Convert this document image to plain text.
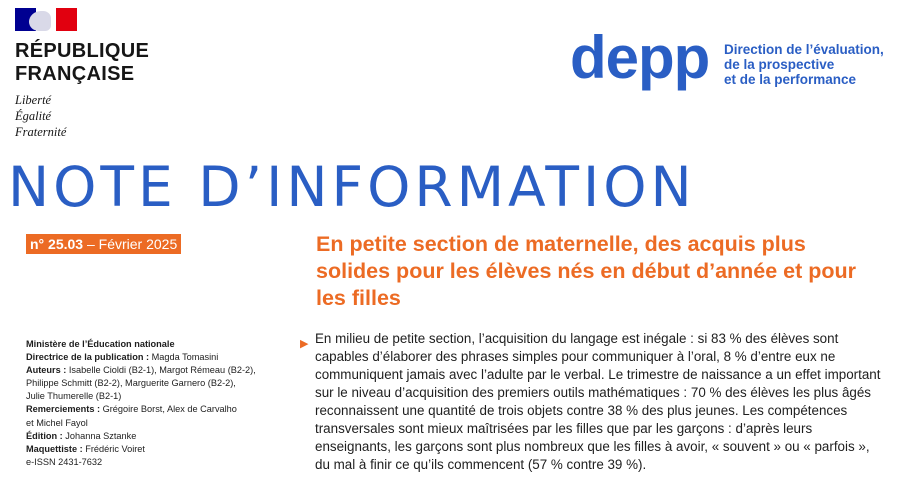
RÉPUBLIQUE
FRANÇAISE
Liberté
Égalité
Fraternité
depp Direction de l’évaluation,
de la prospective
et de la performance
NOTE D’INFORMATION
n° 25.03 – Février 2025	En petite section de maternelle, des acquis plus solides pour les élèves nés en début d’année et pour les filles
Ministère de l’Éducation nationale
Directrice de la publication : Magda Tomasini
Auteurs : Isabelle Cioldi (B2-1), Margot Rémeau (B2-2),
Philippe Schmitt (B2-2), Marguerite Garnero (B2-2),
Julie Thumerelle (B2-1)
Remerciements : Grégoire Borst, Alex de Carvalho
et Michel Fayol
Édition : Johanna Sztanke
Maquettiste : Frédéric Voiret
e-ISSN 2431-7632
▶ En milieu de petite section, l’acquisition du langage est inégale : si 83 % des élèves sont capables d’élaborer des phrases simples pour communiquer à l’oral, 8 % d’entre eux ne communiquent jamais avec l’adulte par le verbal. Le trimestre de naissance a un effet important sur le niveau d’acquisition des premiers outils mathématiques : 70 % des élèves les plus âgés reconnaissent une quantité de trois objets contre 38 % des plus jeunes. Les compétences transversales sont mieux maîtrisées par les filles que par les garçons : d’après leurs enseignants, les garçons sont plus nombreux que les filles à avoir, « souvent » ou « parfois », du mal à finir ce qu’ils commencent (57 % contre 39 %).
